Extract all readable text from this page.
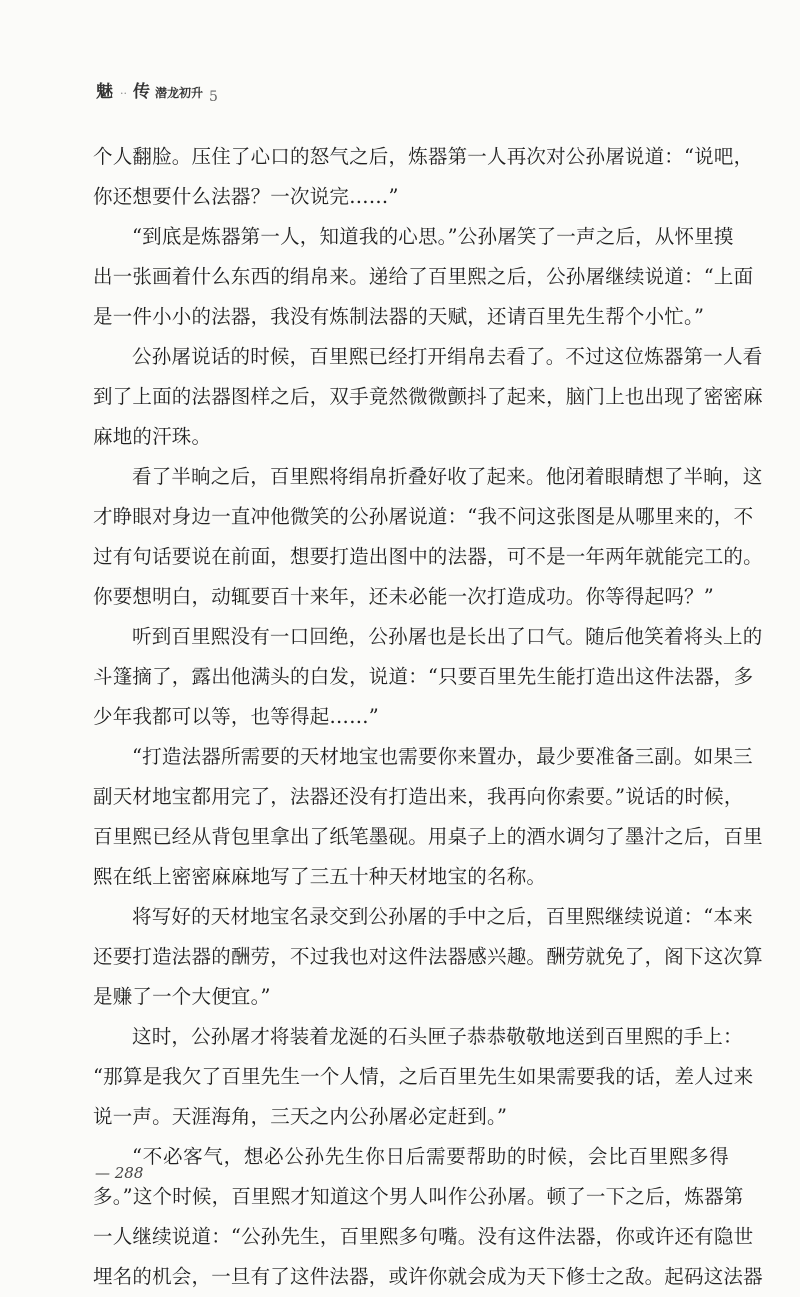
魅 ·· 传 潜龙初升 5
个人翻脸。压住了心口的怒气之后，炼器第一人再次对公孙屠说道：“说吧，
你还想要什么法器？一次说完……”
“到底是炼器第一人，知道我的心思。”公孙屠笑了一声之后，从怀里摸
出一张画着什么东西的绢帛来。递给了百里熙之后，公孙屠继续说道：“上面
是一件小小的法器，我没有炼制法器的天赋，还请百里先生帮个小忙。”
公孙屠说话的时候，百里熙已经打开绢帛去看了。不过这位炼器第一人看
到了上面的法器图样之后，双手竟然微微颤抖了起来，脑门上也出现了密密麻
麻地的汗珠。
看了半晌之后，百里熙将绢帛折叠好收了起来。他闭着眼睛想了半晌，这
才睁眼对身边一直冲他微笑的公孙屠说道：“我不问这张图是从哪里来的，不
过有句话要说在前面，想要打造出图中的法器，可不是一年两年就能完工的。
你要想明白，动辄要百十来年，还未必能一次打造成功。你等得起吗？”
听到百里熙没有一口回绝，公孙屠也是长出了口气。随后他笑着将头上的
斗篷摘了，露出他满头的白发，说道：“只要百里先生能打造出这件法器，多
少年我都可以等，也等得起……”
“打造法器所需要的天材地宝也需要你来置办，最少要准备三副。如果三
副天材地宝都用完了，法器还没有打造出来，我再向你索要。”说话的时候，
百里熙已经从背包里拿出了纸笔墨砚。用桌子上的酒水调匀了墨汁之后，百里
熙在纸上密密麻麻地写了三五十种天材地宝的名称。
将写好的天材地宝名录交到公孙屠的手中之后，百里熙继续说道：“本来
还要打造法器的酬劳，不过我也对这件法器感兴趣。酬劳就免了，阁下这次算
是赚了一个大便宜。”
这时，公孙屠才将装着龙涎的石头匣子恭恭敬敬地送到百里熙的手上：
“那算是我欠了百里先生一个人情，之后百里先生如果需要我的话，差人过来
说一声。天涯海角，三天之内公孙屠必定赶到。”
“不必客气，想必公孙先生你日后需要帮助的时候，会比百里熙多得
多。”这个时候，百里熙才知道这个男人叫作公孙屠。顿了一下之后，炼器第
一人继续说道：“公孙先生，百里熙多句嘴。没有这件法器，你或许还有隐世
埋名的机会，一旦有了这件法器，或许你就会成为天下修士之敌。起码这法器
— 288
